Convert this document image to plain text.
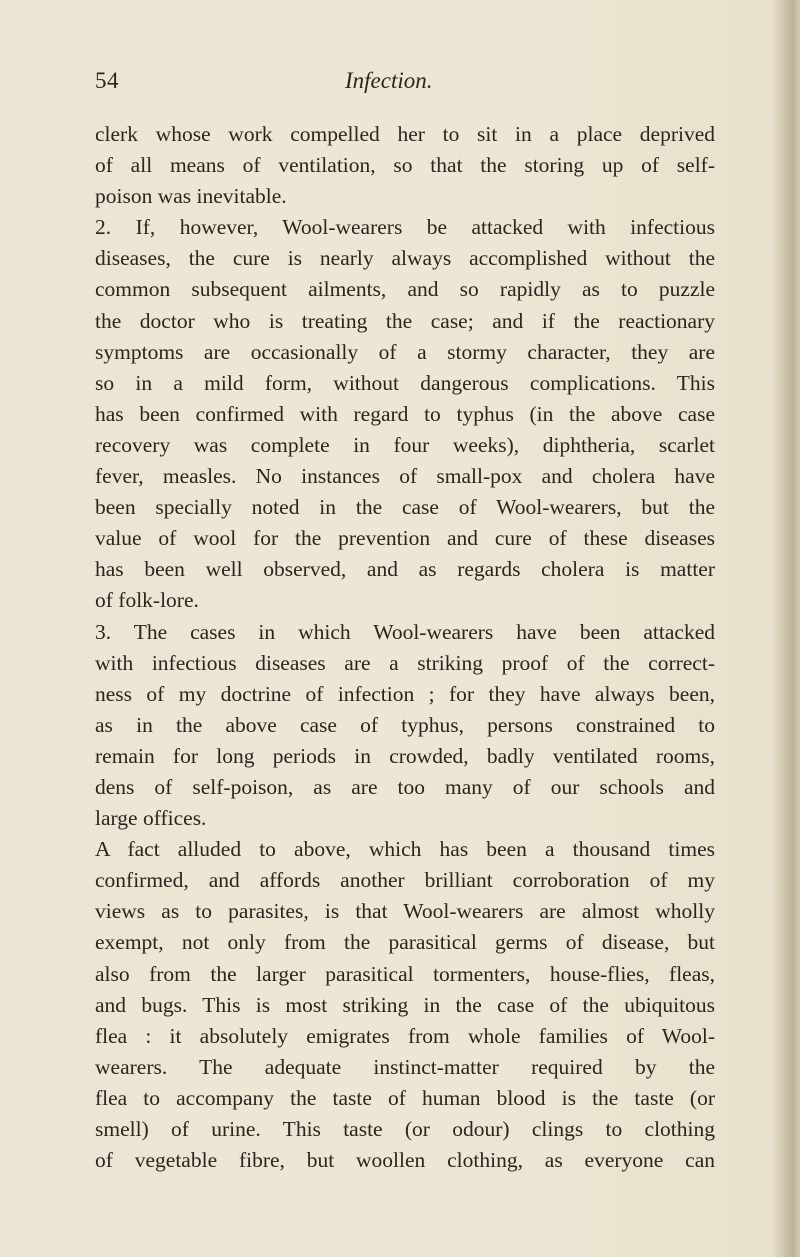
54	Infection.
clerk whose work compelled her to sit in a place deprived
of all means of ventilation, so that the storing up of self-
poison was inevitable.
2. If, however, Wool-wearers be attacked with infectious
diseases, the cure is nearly always accomplished without the
common subsequent ailments, and so rapidly as to puzzle
the doctor who is treating the case; and if the reactionary
symptoms are occasionally of a stormy character, they are
so in a mild form, without dangerous complications. This
has been confirmed with regard to typhus (in the above case
recovery was complete in four weeks), diphtheria, scarlet
fever, measles. No instances of small-pox and cholera have
been specially noted in the case of Wool-wearers, but the
value of wool for the prevention and cure of these diseases
has been well observed, and as regards cholera is matter
of folk-lore.
3. The cases in which Wool-wearers have been attacked
with infectious diseases are a striking proof of the correct-
ness of my doctrine of infection ; for they have always been,
as in the above case of typhus, persons constrained to
remain for long periods in crowded, badly ventilated rooms,
dens of self-poison, as are too many of our schools and
large offices.
A fact alluded to above, which has been a thousand times
confirmed, and affords another brilliant corroboration of my
views as to parasites, is that Wool-wearers are almost wholly
exempt, not only from the parasitical germs of disease, but
also from the larger parasitical tormenters, house-flies, fleas,
and bugs. This is most striking in the case of the ubiquitous
flea : it absolutely emigrates from whole families of Wool-
wearers. The adequate instinct-matter required by the
flea to accompany the taste of human blood is the taste (or
smell) of urine. This taste (or odour) clings to clothing
of vegetable fibre, but woollen clothing, as everyone can
